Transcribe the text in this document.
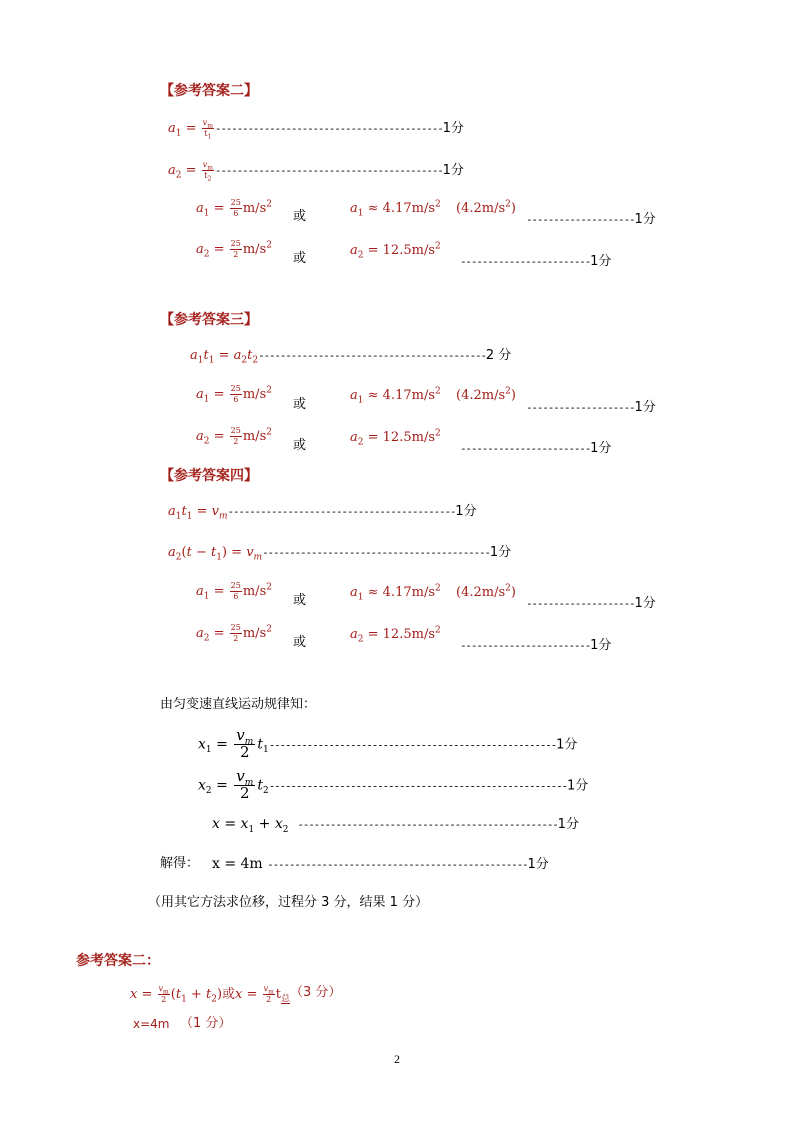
【参考答案二】
$a_1 = \frac{v_m}{t_1} ------------------------------------------1$分
$a_2 = \frac{v_m}{t_2} ------------------------------------------1$分
$a_1 = \frac{25}{6} m/s^2$
或
$a_1 \approx 4.17m/s^2$ $(4.2m/s^2)$
--------------------1分
$a_2 = \frac{25}{2} m/s^2$
或
$a_2 = 12.5m/s^2$
------------------------1分
【参考答案三】
$a_1t_1 = a_2t_2------------------------------------------2$ 分
$a_1 = \frac{25}{6} m/s^2$
或
$a_1 \approx 4.17m/s^2$ $(4.2m/s^2)$
--------------------1分
$a_2 = \frac{25}{2} m/s^2$
或
$a_2 = 12.5m/s^2$
------------------------1分
【参考答案四】
$a_1t_1 = v_m------------------------------------------1$分
$a_2(t - t_1) = v_m------------------------------------------1$分
$a_1 = \frac{25}{6} m/s^2$
或
$a_1 \approx 4.17m/s^2$ $(4.2m/s^2)$
--------------------1分
$a_2 = \frac{25}{2} m/s^2$
或
$a_2 = 12.5m/s^2$
------------------------1分
由匀变速直线运动规律知：
$x_1 = \frac{v_m}{2} t_1-----------------------------------------------------1$分
$x_2 = \frac{v_m}{2} t_2-------------------------------------------------------1$分
$x = x_1 + x_2$ ------------------------------------------------1分
解得： x = 4m ------------------------------------------------1分
（用其它方法求位移，过程分 3 分，结果 1 分）
参考答案二：
$x = \frac{v_m}{2} (t_1 + t_2)$或$x = \frac{v_m}{2} t_总$ （3 分）
x=4m （1 分）
2
